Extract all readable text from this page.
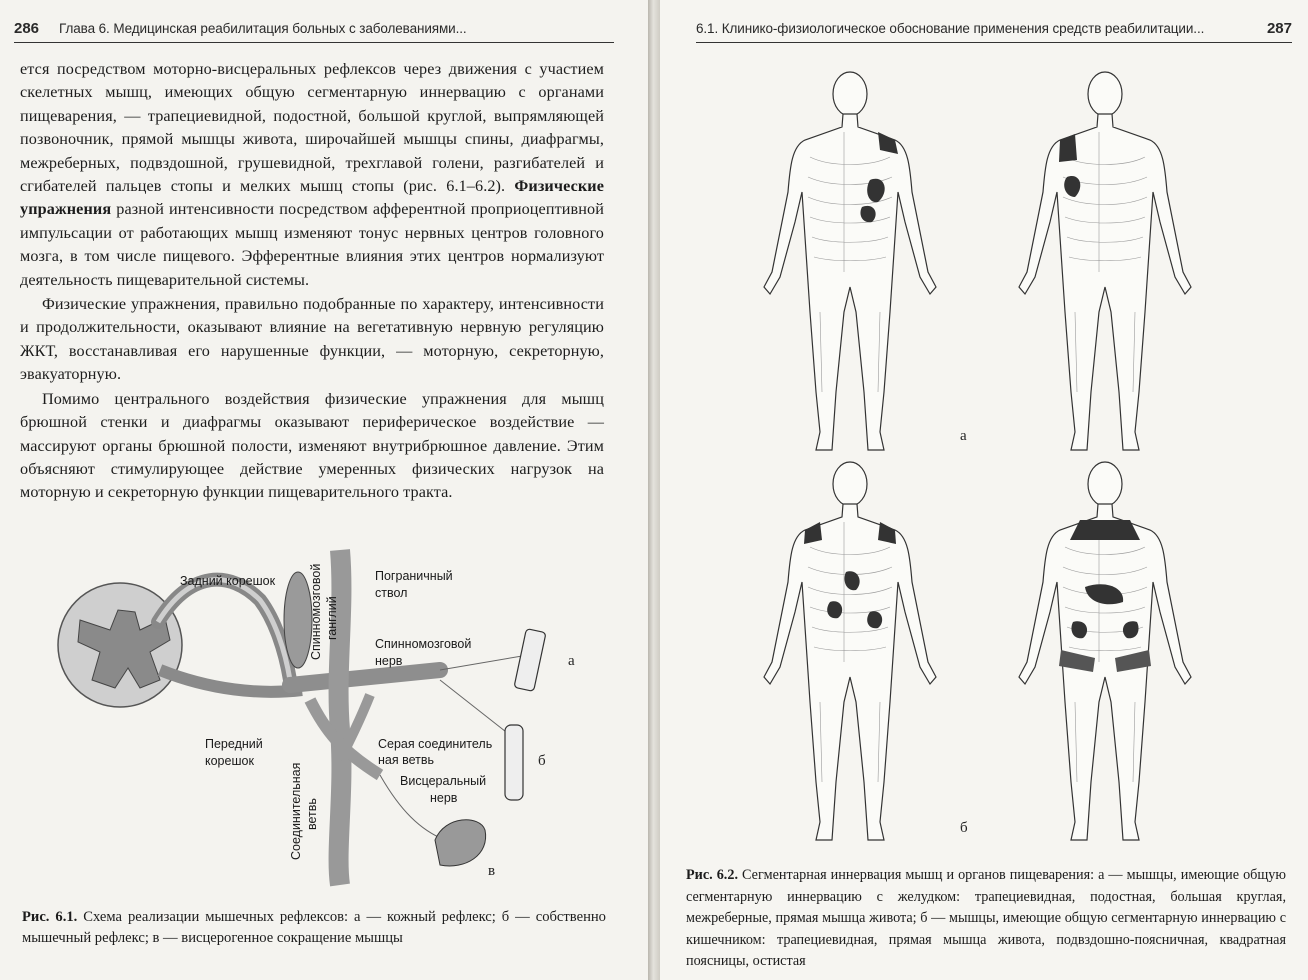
286 Глава 6. Медицинская реабилитация больных с заболеваниями...

ется посредством моторно-висцеральных рефлексов через движения с участием скелетных мышц, имеющих общую сегментарную иннервацию с органами пищеварения, — трапециевидной, подостной, большой круглой, выпрямляющей позвоночник, прямой мышцы живота, широчайшей мышцы спины, диафрагмы, межреберных, подвздошной, грушевидной, трехглавой голени, разгибателей и сгибателей пальцев стопы и мелких мышц стопы (рис. 6.1–6.2). Физические упражнения разной интенсивности посредством афферентной проприоцептивной импульсации от работающих мышц изменяют тонус нервных центров головного мозга, в том числе пищевого. Эфферентные влияния этих центров нормализуют деятельность пищеварительной системы.

Физические упражнения, правильно подобранные по характеру, интенсивности и продолжительности, оказывают влияние на вегетативную нервную регуляцию ЖКТ, восстанавливая его нарушенные функции, — моторную, секреторную, эвакуаторную.

Помимо центрального воздействия физические упражнения для мышц брюшной стенки и диафрагмы оказывают периферическое воздействие — массируют органы брюшной полости, изменяют внутрибрюшное давление. Этим объясняют стимулирующее действие умеренных физических нагрузок на моторную и секреторную функции пищеварительного тракта.

Задний корешок	Спинномозговой ганглий
Пограничный
ствол
Спинномозговой
нерв
Передний
корешок
Серая соединитель
ная ветвь
Соединительная ветвь
Висцеральный
нерв
а
б
в
Рис. 6.1. Схема реализации мышечных рефлексов: а — кожный рефлекс; б — собственно мышечный рефлекс; в — висцерогенное сокращение мышцы
6.1. Клинико-физиологическое обоснование применения средств реабилитации...	287
а
б
Рис. 6.2. Сегментарная иннервация мышц и органов пищеварения: а — мышцы, имеющие общую сегментарную иннервацию с желудком: трапециевидная, подостная, большая круглая, межреберные, прямая мышца живота; б — мышцы, имеющие общую сегментарную иннервацию с кишечником: трапециевидная, прямая мышца живота, подвздошно-поясничная, квадратная поясницы, остистая
